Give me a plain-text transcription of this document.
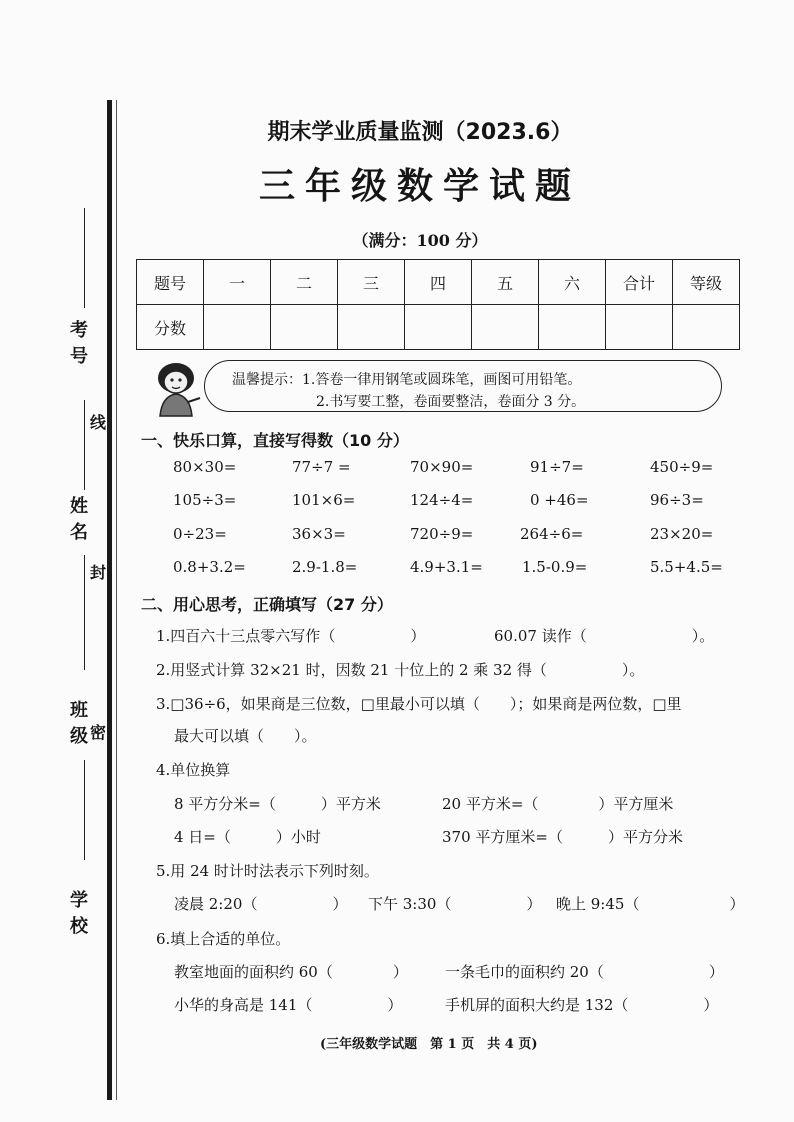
考号
线
姓名
封
班级 密
学校
期末学业质量监测（2023.6）
三年级数学试题
（满分：100 分）
题号	一	二	三	四	五	六	合计	等级
分数								
温馨提示：1.答卷一律用钢笔或圆珠笔，画图可用铅笔。
2.书写要工整，卷面要整洁，卷面分 3 分。
一、快乐口算，直接写得数（10 分）
80×30=	77÷7 =	70×90=	91÷7=	450÷9=
105÷3=	101×6=	124÷4=	0 +46=	96÷3=
0÷23=	36×3=	720÷9=	264÷6=	23×20=
0.8+3.2=	2.9-1.8=	4.9+3.1=	1.5-0.9=	5.5+4.5=
二、用心思考，正确填写（27 分）
1.四百六十三点零六写作（　　　　　）	60.07 读作（　　　　　　　）。
2.用竖式计算 32×21 时，因数 21 十位上的 2 乘 32 得（　　　　　）。
3.□36÷6，如果商是三位数，□里最小可以填（　　）；如果商是两位数，□里
最大可以填（　　）。
4.单位换算
8 平方分米=（　　　）平方米	20 平方米=（　　　　）平方厘米
4 日=（　　　）小时	370 平方厘米=（　　　）平方分米
5.用 24 时计时法表示下列时刻。
凌晨 2:20（　　　　　） 下午 3:30（　　　　　） 晚上 9:45（　　　　　　）
6.填上合适的单位。
教室地面的面积约 60（　　　　） 一条毛巾的面积约 20（　　　　　　　）
小华的身高是 141（　　　　　）	手机屏的面积大约是 132（　　　　　）
(三年级数学试题　第 1 页　共 4 页)
